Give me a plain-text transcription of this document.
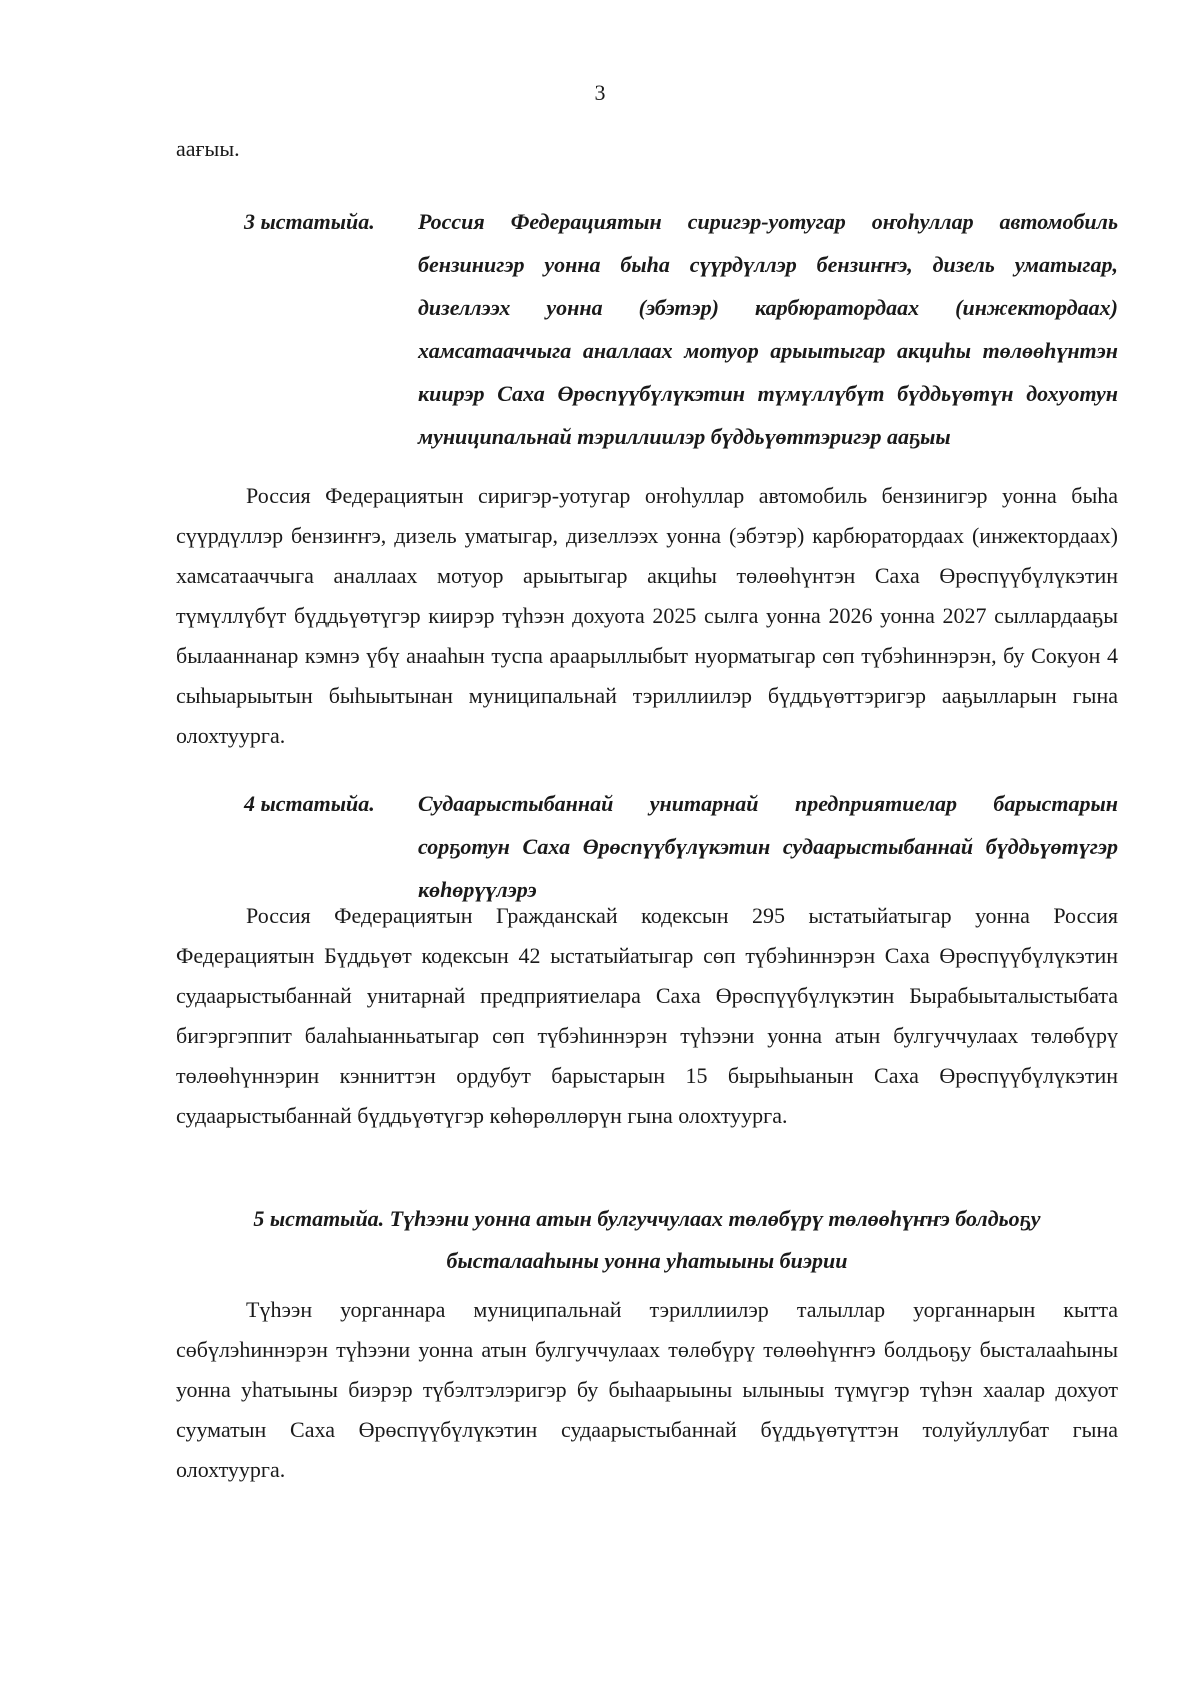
3
аағыы.
3 ыстатыйа. Россия Федерациятын сиригэр-уотугар оҥоһуллар автомобиль бензинигэр уонна быһа сүүрдүллэр бензиҥҥэ, дизель уматыгар, дизеллээх уонна (эбэтэр) карбюратордаах (инжектордаах) хамсатааччыга аналлаах мотуор арыытыгар акциһы төлөөһүнтэн киирэр Саха Өрөспүүбүлүкэтин түмүллүбүт бүддьүөтүн дохуотун муниципальнай тэриллиилэр бүддьүөттэригэр ааҕыы

Россия Федерациятын сиригэр-уотугар оҥоһуллар автомобиль бензинигэр уонна быһа сүүрдүллэр бензиҥҥэ, дизель уматыгар, дизеллээх уонна (эбэтэр) карбюратордаах (инжектордаах) хамсатааччыга аналлаах мотуор арыытыгар акциһы төлөөһүнтэн Саха Өрөспүүбүлүкэтин түмүллүбүт бүддьүөтүгэр киирэр түһээн дохуота 2025 сылга уонна 2026 уонна 2027 сыллардааҕы былааннанар кэмнэ үбү анааһын туспа араарыллыбыт нуорматыгар сөп түбэһиннэрэн, бу Сокуон 4 сыһыарыытын быһыытынан муниципальнай тэриллиилэр бүддьүөттэригэр ааҕылларын гына олохтуурга.

4 ыстатыйа. Судаарыстыбаннай унитарнай предприятиелар барыстарын сорҕотун Саха Өрөспүүбүлүкэтин судаарыстыбаннай бүддьүөтүгэр көһөрүүлэрэ

Россия Федерациятын Гражданскай кодексын 295 ыстатыйатыгар уонна Россия Федерациятын Бүддьүөт кодексын 42 ыстатыйатыгар сөп түбэһиннэрэн Саха Өрөспүүбүлүкэтин судаарыстыбаннай унитарнай предприятиелара Саха Өрөспүүбүлүкэтин Бырабыыталыстыбата бигэргэппит балаһыанньатыгар сөп түбэһиннэрэн түһээни уонна атын булгуччулаах төлөбүрү төлөөһүннэрин кэнниттэн ордубут барыстарын 15 бырыһыанын Саха Өрөспүүбүлүкэтин судаарыстыбаннай бүддьүөтүгэр көһөрөллөрүн гына олохтуурга.

5 ыстатыйа. Түһээни уонна атын булгуччулаах төлөбүрү төлөөһүҥҥэ болдьоҕу
бысталааһыны уонна уһатыыны биэрии

Түһээн уорганнара муниципальнай тэриллиилэр талыллар уорганнарын кытта сөбүлэһиннэрэн түһээни уонна атын булгуччулаах төлөбүрү төлөөһүҥҥэ болдьоҕу бысталааһыны уонна уһатыыны биэрэр түбэлтэлэригэр бу быһаарыыны ылыныы түмүгэр түһэн хаалар дохуот сууматын Саха Өрөспүүбүлүкэтин судаарыстыбаннай бүддьүөтүттэн толуйуллубат гына олохтуурга.
